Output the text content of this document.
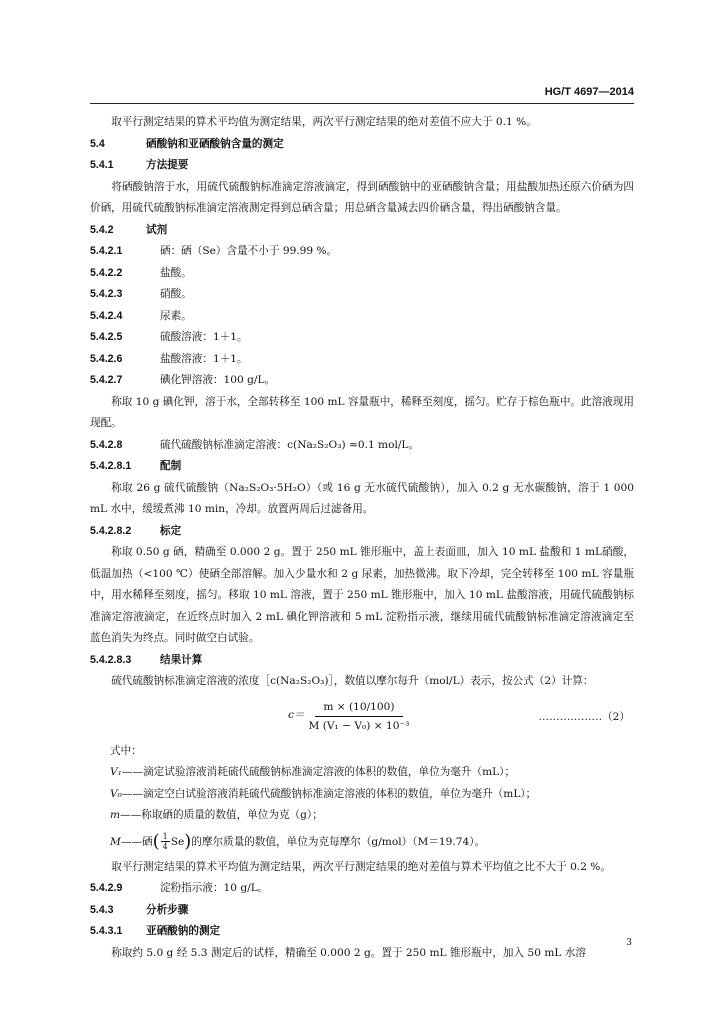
HG/T 4697—2014

取平行测定结果的算术平均值为测定结果，两次平行测定结果的绝对差值不应大于 0.1 %。

5.4	硒酸钠和亚硒酸钠含量的测定

5.4.1	方法提要

将硒酸钠溶于水，用硫代硫酸钠标准滴定溶液滴定，得到硒酸钠中的亚硒酸钠含量；用盐酸加热还原六价硒为四价硒，用硫代硫酸钠标准滴定溶液测定得到总硒含量；用总硒含量减去四价硒含量，得出硒酸钠含量。

5.4.2	试剂

5.4.2.1	硒：硒（Se）含量不小于 99.99 %。

5.4.2.2	盐酸。

5.4.2.3	硝酸。

5.4.2.4	尿素。

5.4.2.5	硫酸溶液：1＋1。

5.4.2.6	盐酸溶液：1＋1。

5.4.2.7	碘化钾溶液：100 g/L。

称取 10 g 碘化钾，溶于水，全部转移至 100 mL 容量瓶中，稀释至刻度，摇匀。贮存于棕色瓶中。此溶液现用现配。

5.4.2.8	硫代硫酸钠标准滴定溶液：c(Na₂S₂O₃) ≈0.1 mol/L。

5.4.2.8.1	配制

称取 26 g 硫代硫酸钠（Na₂S₂O₃·5H₂O）（或 16 g 无水硫代硫酸钠），加入 0.2 g 无水碳酸钠，溶于 1 000 mL 水中，缓缓煮沸 10 min，冷却。放置两周后过滤备用。

5.4.2.8.2	标定

称取 0.50 g 硒，精确至 0.000 2 g。置于 250 mL 锥形瓶中，盖上表面皿，加入 10 mL 盐酸和 1 mL硝酸，低温加热（<100 ℃）使硒全部溶解。加入少量水和 2 g 尿素，加热微沸。取下冷却，完全转移至 100 mL 容量瓶中，用水稀释至刻度，摇匀。移取 10 mL 溶液，置于 250 mL 锥形瓶中，加入 10 mL 盐酸溶液，用硫代硫酸钠标准滴定溶液滴定，在近终点时加入 2 mL 碘化钾溶液和 5 mL 淀粉指示液，继续用硫代硫酸钠标准滴定溶液滴定至蓝色消失为终点。同时做空白试验。

5.4.2.8.3	结果计算

硫代硫酸钠标准滴定溶液的浓度［c(Na₂S₂O₃)］，数值以摩尔每升（mol/L）表示，按公式（2）计算：

$c= \frac{m \times (10/100)}{\text{M (V₁ − V₀) × 10⁻³}}$	………………（2）

式中：

V₁——滴定试验溶液消耗硫代硫酸钠标准滴定溶液的体积的数值，单位为毫升（mL）；

V₀——滴定空白试验溶液消耗硫代硫酸钠标准滴定溶液的体积的数值，单位为毫升（mL）；

m——称取硒的质量的数值，单位为克（g）；

M——硒( $\frac{1}{4} Se$)的摩尔质量的数值，单位为克每摩尔（g/mol）（M＝19.74）。

取平行测定结果的算术平均值为测定结果，两次平行测定结果的绝对差值与算术平均值之比不大于 0.2 %。

5.4.2.9	淀粉指示液：10 g/L。

5.4.3	分析步骤

5.4.3.1 亚硒酸钠的测定

称取约 5.0 g 经 5.3 测定后的试样，精确至 0.000 2 g。置于 250 mL 锥形瓶中，加入 50 mL 水溶

3
